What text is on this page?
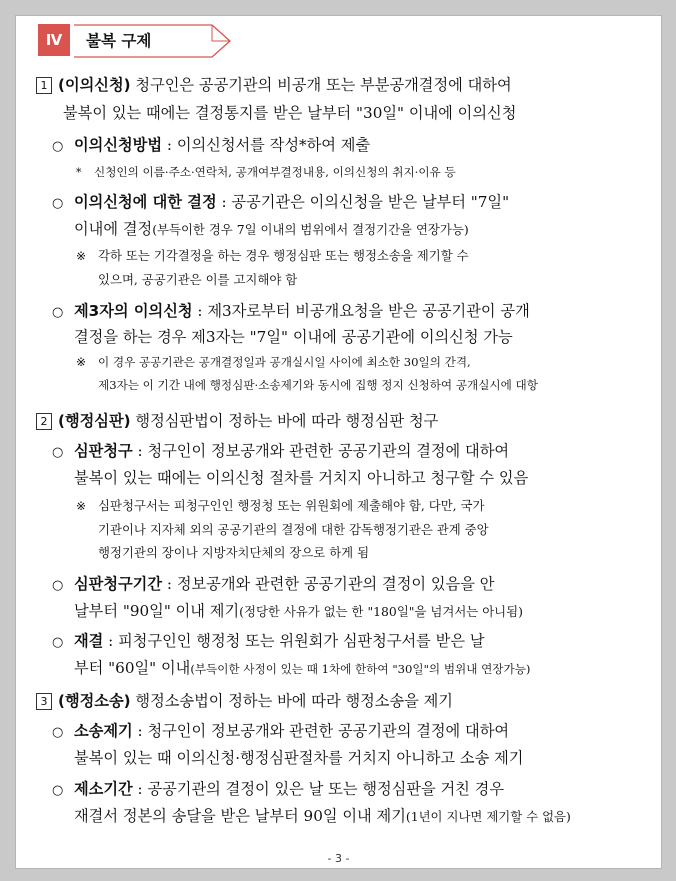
Ⅳ	불복 구제
1 (이의신청) 청구인은 공공기관의 비공개 또는 부분공개결정에 대하여
불복이 있는 때에는 결정통지를 받은 날부터 "30일" 이내에 이의신청
○ 이의신청방법 : 이의신청서를 작성*하여 제출
* 신청인의 이름·주소·연락처, 공개여부결정내용, 이의신청의 취지·이유 등
○ 이의신청에 대한 결정 : 공공기관은 이의신청을 받은 날부터 "7일"
이내에 결정(부득이한 경우 7일 이내의 범위에서 결정기간을 연장가능)
※ 각하 또는 기각결정을 하는 경우 행정심판 또는 행정소송을 제기할 수
있으며, 공공기관은 이를 고지해야 함
○ 제3자의 이의신청 : 제3자로부터 비공개요청을 받은 공공기관이 공개
결정을 하는 경우 제3자는 "7일" 이내에 공공기관에 이의신청 가능
※ 이 경우 공공기관은 공개결정일과 공개실시일 사이에 최소한 30일의 간격,
제3자는 이 기간 내에 행정심판·소송제기와 동시에 집행 정지 신청하여 공개실시에 대항
2 (행정심판) 행정심판법이 정하는 바에 따라 행정심판 청구
○ 심판청구 : 청구인이 정보공개와 관련한 공공기관의 결정에 대하여
불복이 있는 때에는 이의신청 절차를 거치지 아니하고 청구할 수 있음
※ 심판청구서는 피청구인인 행정청 또는 위원회에 제출해야 함, 다만, 국가
기관이나 지자체 외의 공공기관의 결정에 대한 감독행정기관은 관계 중앙
행정기관의 장이나 지방자치단체의 장으로 하게 됨
○ 심판청구기간 : 정보공개와 관련한 공공기관의 결정이 있음을 안
날부터 "90일" 이내 제기(정당한 사유가 없는 한 "180일"을 넘겨서는 아니됨)
○ 재결 : 피청구인인 행정청 또는 위원회가 심판청구서를 받은 날
부터 "60일" 이내(부득이한 사정이 있는 때 1차에 한하여 "30일"의 범위내 연장가능)
3 (행정소송) 행정소송법이 정하는 바에 따라 행정소송을 제기
○ 소송제기 : 청구인이 정보공개와 관련한 공공기관의 결정에 대하여
불복이 있는 때 이의신청·행정심판절차를 거치지 아니하고 소송 제기
○ 제소기간 : 공공기관의 결정이 있은 날 또는 행정심판을 거친 경우
재결서 정본의 송달을 받은 날부터 90일 이내 제기(1년이 지나면 제기할 수 없음)
- 3 -
